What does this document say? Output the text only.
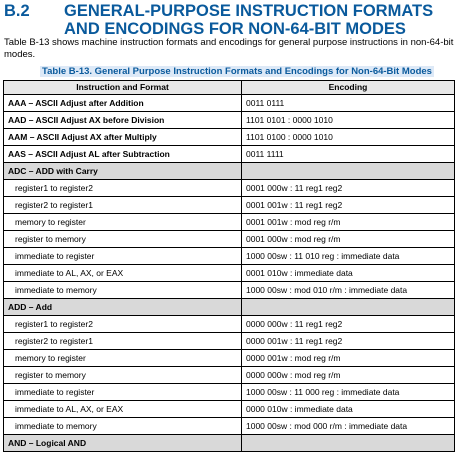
B.2 GENERAL-PURPOSE INSTRUCTION FORMATS AND ENCODINGS FOR NON-64-BIT MODES
Table B-13 shows machine instruction formats and encodings for general purpose instructions in non-64-bit modes.
Table B-13. General Purpose Instruction Formats and Encodings for Non-64-Bit Modes
Instruction and Format	Encoding
AAA – ASCII Adjust after Addition	0011 0111
AAD – ASCII Adjust AX before Division	1101 0101 : 0000 1010
AAM – ASCII Adjust AX after Multiply	1101 0100 : 0000 1010
AAS – ASCII Adjust AL after Subtraction	0011 1111
ADC – ADD with Carry	
register1 to register2	0001 000w : 11 reg1 reg2
register2 to register1	0001 001w : 11 reg1 reg2
memory to register	0001 001w : mod reg r/m
register to memory	0001 000w : mod reg r/m
immediate to register	1000 00sw : 11 010 reg : immediate data
immediate to AL, AX, or EAX	0001 010w : immediate data
immediate to memory	1000 00sw : mod 010 r/m : immediate data
ADD – Add	
register1 to register2	0000 000w : 11 reg1 reg2
register2 to register1	0000 001w : 11 reg1 reg2
memory to register	0000 001w : mod reg r/m
register to memory	0000 000w : mod reg r/m
immediate to register	1000 00sw : 11 000 reg : immediate data
immediate to AL, AX, or EAX	0000 010w : immediate data
immediate to memory	1000 00sw : mod 000 r/m : immediate data
AND – Logical AND	
